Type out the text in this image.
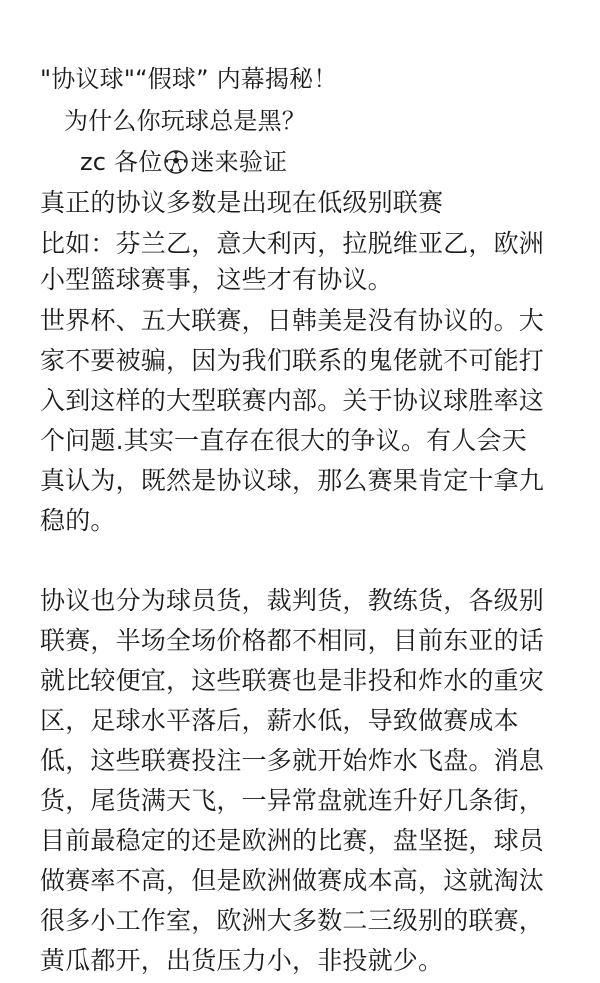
"协议球"“假球” 内幕揭秘！
为什么你玩球总是黑？
zc 各位 迷来验证
真正的协议多数是出现在低级别联赛
比如：芬兰乙，意大利丙，拉脱维亚乙，欧洲
小型篮球赛事，这些才有协议。
世界杯、五大联赛，日韩美是没有协议的。大
家不要被骗，因为我们联系的鬼佬就不可能打
入到这样的大型联赛内部。关于协议球胜率这
个问题.其实一直存在很大的争议。有人会天
真认为，既然是协议球，那么赛果肯定十拿九
稳的。
协议也分为球员货，裁判货，教练货，各级别
联赛，半场全场价格都不相同，目前东亚的话
就比较便宜，这些联赛也是非投和炸水的重灾
区，足球水平落后，薪水低，导致做赛成本
低，这些联赛投注一多就开始炸水飞盘。消息
货，尾货满天飞，一异常盘就连升好几条街，
目前最稳定的还是欧洲的比赛，盘坚挺，球员
做赛率不高，但是欧洲做赛成本高，这就淘汰
很多小工作室，欧洲大多数二三级别的联赛，
黄瓜都开，出货压力小，非投就少。
